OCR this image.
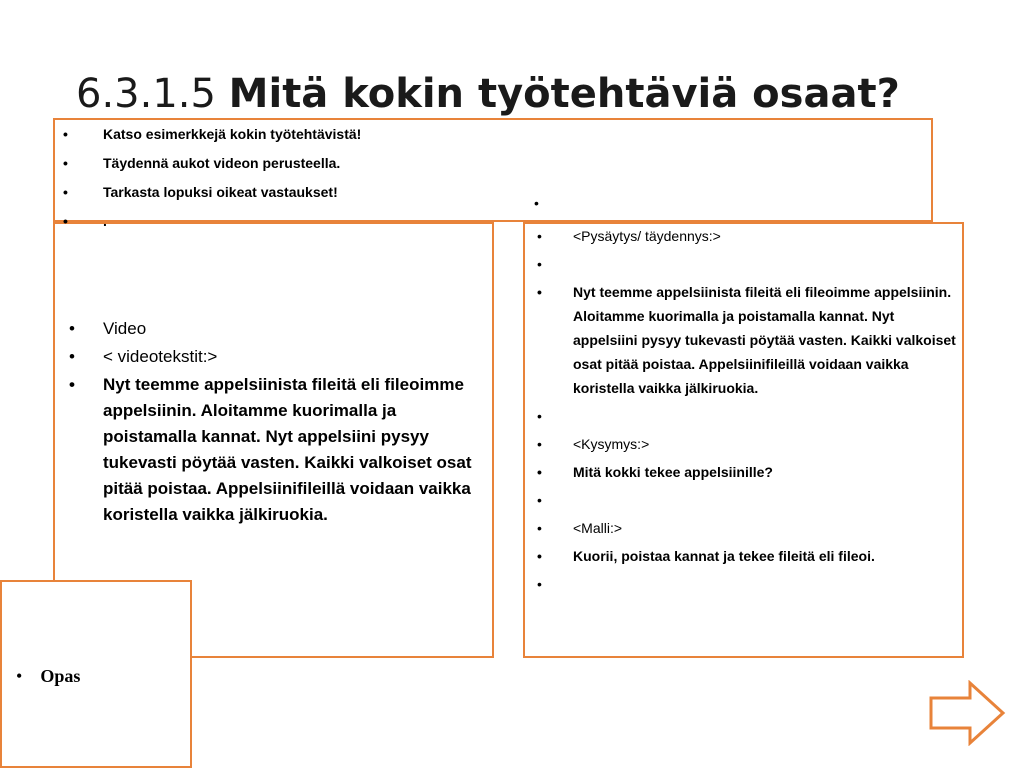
6.3.1.5 Mitä kokin työtehtäviä osaat?
• Video
• < videotekstit:>
• Nyt teemme appelsiinista fileitä eli fileoimme appelsiinin. Aloitamme kuorimalla ja poistamalla kannat. Nyt appelsiini pysyy tukevasti pöytää vasten. Kaikki valkoiset osat pitää poistaa. Appelsiinifileillä voidaan vaikka koristella vaikka jälkiruokia.
• <Pysäytys/ täydennys:>
•
• Nyt teemme appelsiinista fileitä eli fileoimme appelsiinin. Aloitamme kuorimalla ja poistamalla kannat. Nyt appelsiini pysyy tukevasti pöytää vasten. Kaikki valkoiset osat pitää poistaa. Appelsiinifileillä voidaan vaikka koristella vaikka jälkiruokia.
•
• <Kysymys:>
• Mitä kokki tekee appelsiinille?
•
• <Malli:>
• Kuorii, poistaa kannat ja tekee fileitä eli fileoi.
•
• Katso esimerkkejä kokin työtehtävistä!
• Täydennä aukot videon perusteella.
• Tarkasta lopuksi oikeat vastaukset!
• .
•
• Opas
